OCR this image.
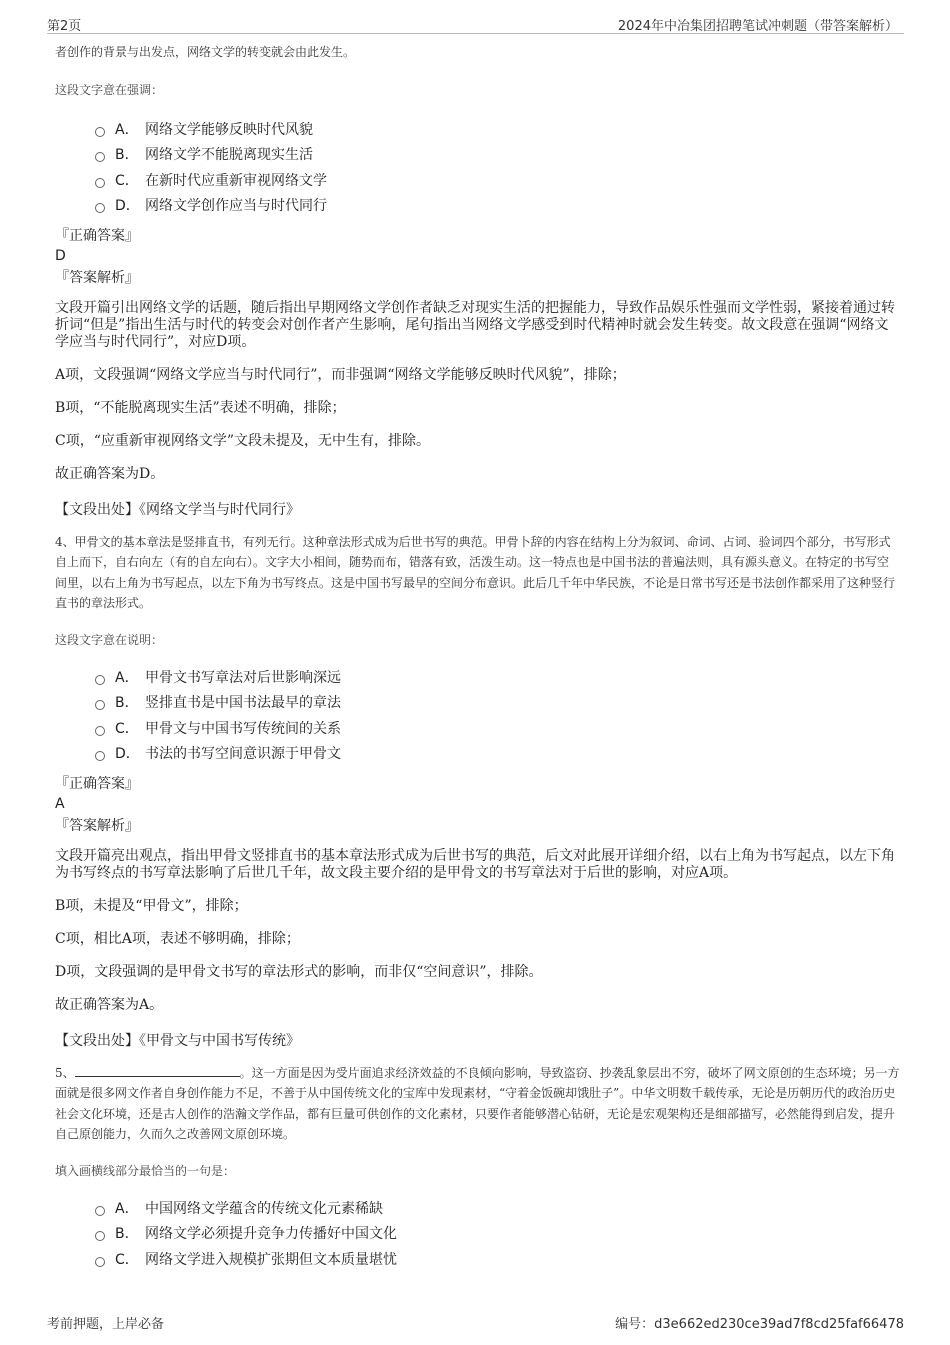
第2页	2024年中冶集团招聘笔试冲刺题（带答案解析）
者创作的背景与出发点，网络文学的转变就会由此发生。
这段文字意在强调：
A． 网络文学能够反映时代风貌
B． 网络文学不能脱离现实生活
C． 在新时代应重新审视网络文学
D． 网络文学创作应当与时代同行
『正确答案』
D
『答案解析』
文段开篇引出网络文学的话题，随后指出早期网络文学创作者缺乏对现实生活的把握能力，导致作品娱乐性强而文学性弱，紧接着通过转折词“但是”指出生活与时代的转变会对创作者产生影响，尾句指出当网络文学感受到时代精神时就会发生转变。故文段意在强调“网络文学应当与时代同行”，对应D项。
A项，文段强调“网络文学应当与时代同行”，而非强调“网络文学能够反映时代风貌”，排除；
B项，“不能脱离现实生活”表述不明确，排除；
C项，“应重新审视网络文学”文段未提及，无中生有，排除。
故正确答案为D。
【文段出处】《网络文学当与时代同行》
4、甲骨文的基本章法是竖排直书，有列无行。这种章法形式成为后世书写的典范。甲骨卜辞的内容在结构上分为叙词、命词、占词、验词四个部分，书写形式自上而下，自右向左（有的自左向右）。文字大小相间，随势而布，错落有致，活泼生动。这一特点也是中国书法的普遍法则，具有源头意义。在特定的书写空间里，以右上角为书写起点，以左下角为书写终点。这是中国书写最早的空间分布意识。此后几千年中华民族，不论是日常书写还是书法创作都采用了这种竖行直书的章法形式。
这段文字意在说明：
A． 甲骨文书写章法对后世影响深远
B． 竖排直书是中国书法最早的章法
C． 甲骨文与中国书写传统间的关系
D． 书法的书写空间意识源于甲骨文
『正确答案』
A
『答案解析』
文段开篇亮出观点，指出甲骨文竖排直书的基本章法形式成为后世书写的典范，后文对此展开详细介绍，以右上角为书写起点，以左下角为书写终点的书写章法影响了后世几千年，故文段主要介绍的是甲骨文的书写章法对于后世的影响，对应A项。
B项，未提及“甲骨文”，排除；
C项，相比A项，表述不够明确，排除；
D项，文段强调的是甲骨文书写的章法形式的影响，而非仅“空间意识”，排除。
故正确答案为A。
【文段出处】《甲骨文与中国书写传统》
5、	。这一方面是因为受片面追求经济效益的不良倾向影响，导致盗窃、抄袭乱象层出不穷，破坏了网文原创的生态环境；另一方面就是很多网文作者自身创作能力不足，不善于从中国传统文化的宝库中发现素材，“守着金饭碗却饿肚子”。中华文明数千载传承，无论是历朝历代的政治历史社会文化环境，还是古人创作的浩瀚文学作品，都有巨量可供创作的文化素材，只要作者能够潜心钻研，无论是宏观架构还是细部描写，必然能得到启发，提升自己原创能力，久而久之改善网文原创环境。
填入画横线部分最恰当的一句是：
A． 中国网络文学蕴含的传统文化元素稀缺
B． 网络文学必须提升竞争力传播好中国文化
C． 网络文学进入规模扩张期但文本质量堪忧
考前押题，上岸必备	编号：d3e662ed230ce39ad7f8cd25faf66478
